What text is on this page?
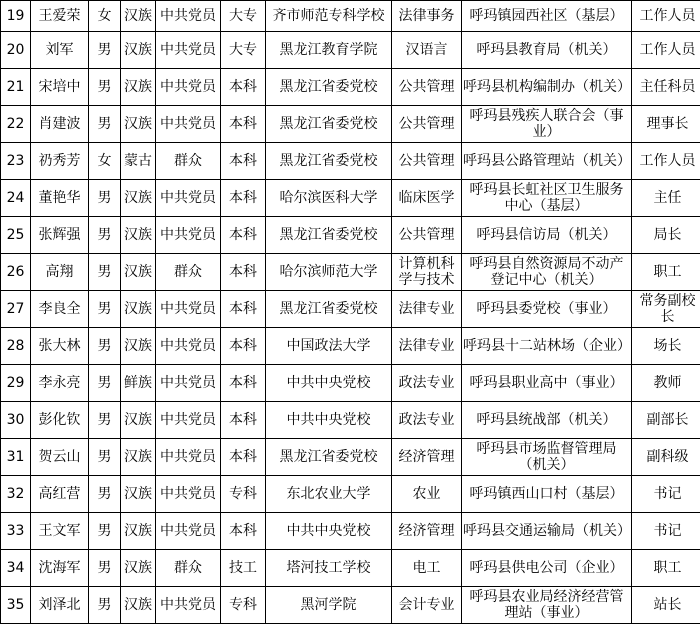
19	王爱荣	女	汉族	中共党员	大专	齐市师范专科学校	法律事务	呼玛镇园西社区（基层）	工作人员
20	刘军	男	汉族	中共党员	大专	黑龙江教育学院	汉语言	呼玛县教育局（机关）	工作人员
21	宋培中	男	汉族	中共党员	本科	黑龙江省委党校	公共管理	呼玛县机构编制办（机关）	主任科员
22	肖建波	男	汉族	中共党员	本科	黑龙江省委党校	公共管理	呼玛县残疾人联合会（事业）	理事长
23	礽秀芳	女	蒙古	群众	本科	黑龙江省委党校	公共管理	呼玛县公路管理站（机关）	工作人员
24	董艳华	男	汉族	中共党员	本科	哈尔滨医科大学	临床医学	呼玛县长虹社区卫生服务中心（基层）	主任
25	张辉强	男	汉族	中共党员	本科	黑龙江省委党校	公共管理	呼玛县信访局（机关）	局长
26	高翔	男	汉族	群众	本科	哈尔滨师范大学	计算机科学与技术	呼玛县自然资源局不动产登记中心（机关）	职工
27	李良全	男	汉族	中共党员	本科	黑龙江省委党校	法律专业	呼玛县委党校（事业）	常务副校长
28	张大林	男	汉族	中共党员	本科	中国政法大学	法律专业	呼玛县十二站林场（企业）	场长
29	李永亮	男	鲜族	中共党员	本科	中共中央党校	政法专业	呼玛县职业高中（事业）	教师
30	彭化钦	男	汉族	中共党员	本科	中共中央党校	政法专业	呼玛县统战部（机关）	副部长
31	贺云山	男	汉族	中共党员	本科	黑龙江省委党校	经济管理	呼玛县市场监督管理局（机关）	副科级
32	高红营	男	汉族	中共党员	专科	东北农业大学	农业	呼玛镇西山口村（基层）	书记
33	王文军	男	汉族	中共党员	本科	中共中央党校	经济管理	呼玛县交通运输局（机关）	书记
34	沈海军	男	汉族	群众	技工	塔河技工学校	电工	呼玛县供电公司（企业）	职工
35	刘泽北	男	汉族	中共党员	专科	黑河学院	会计专业	呼玛县农业局经济经营管理站（事业）	站长
